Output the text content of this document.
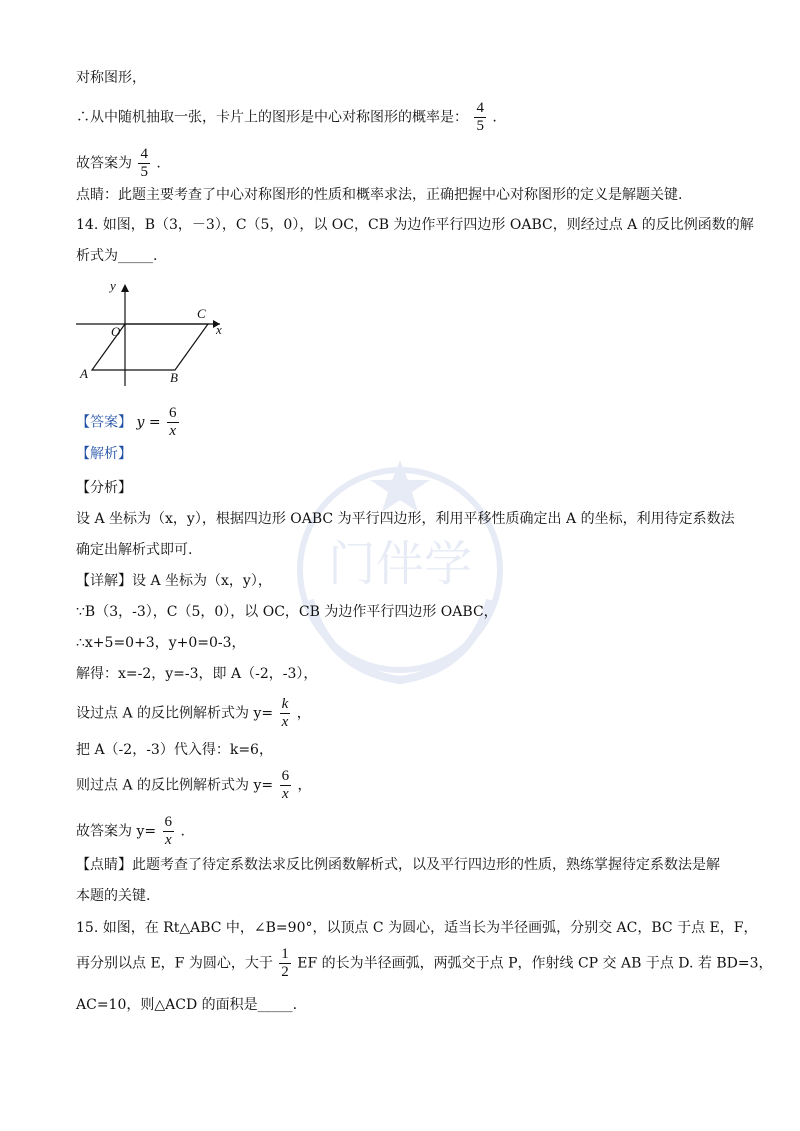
门伴学
对称图形，
∴从中随机抽取一张，卡片上的图形是中心对称图形的概率是： $\frac{4}{5}$ .
故答案为 $\frac{4}{5}$ .
点睛：此题主要考查了中心对称图形的性质和概率求法，正确把握中心对称图形的定义是解题关键.
14. 如图，B（3，－3），C（5，0），以 OC，CB 为边作平行四边形 OABC，则经过点 A 的反比例函数的解
析式为_____.
y
x
O
C
A	B
【答案】 $y = \frac{6}{x}$
【解析】
【分析】
设 A 坐标为（x，y），根据四边形 OABC 为平行四边形，利用平移性质确定出 A 的坐标，利用待定系数法
确定出解析式即可.
【详解】设 A 坐标为（x，y），
∵B（3，-3），C（5，0），以 OC，CB 为边作平行四边形 OABC，
∴x+5=0+3，y+0=0-3，
解得：x=-2，y=-3，即 A（-2，-3），
设过点 A 的反比例解析式为 $y= \frac{k}{x}$ ，
把 A（-2，-3）代入得：k=6，
则过点 A 的反比例解析式为 $y= \frac{6}{x}$ ，
故答案为 $y= \frac{6}{x}$ .
【点睛】此题考查了待定系数法求反比例函数解析式，以及平行四边形的性质，熟练掌握待定系数法是解
本题的关键.
15. 如图，在 Rt△ABC 中，∠B=90°，以顶点 C 为圆心，适当长为半径画弧，分别交 AC，BC 于点 E，F，
再分别以点 E，F 为圆心，大于 $\frac{1}{2}$ EF 的长为半径画弧，两弧交于点 P，作射线 CP 交 AB 于点 D. 若 BD=3，
AC=10，则△ACD 的面积是_____.
